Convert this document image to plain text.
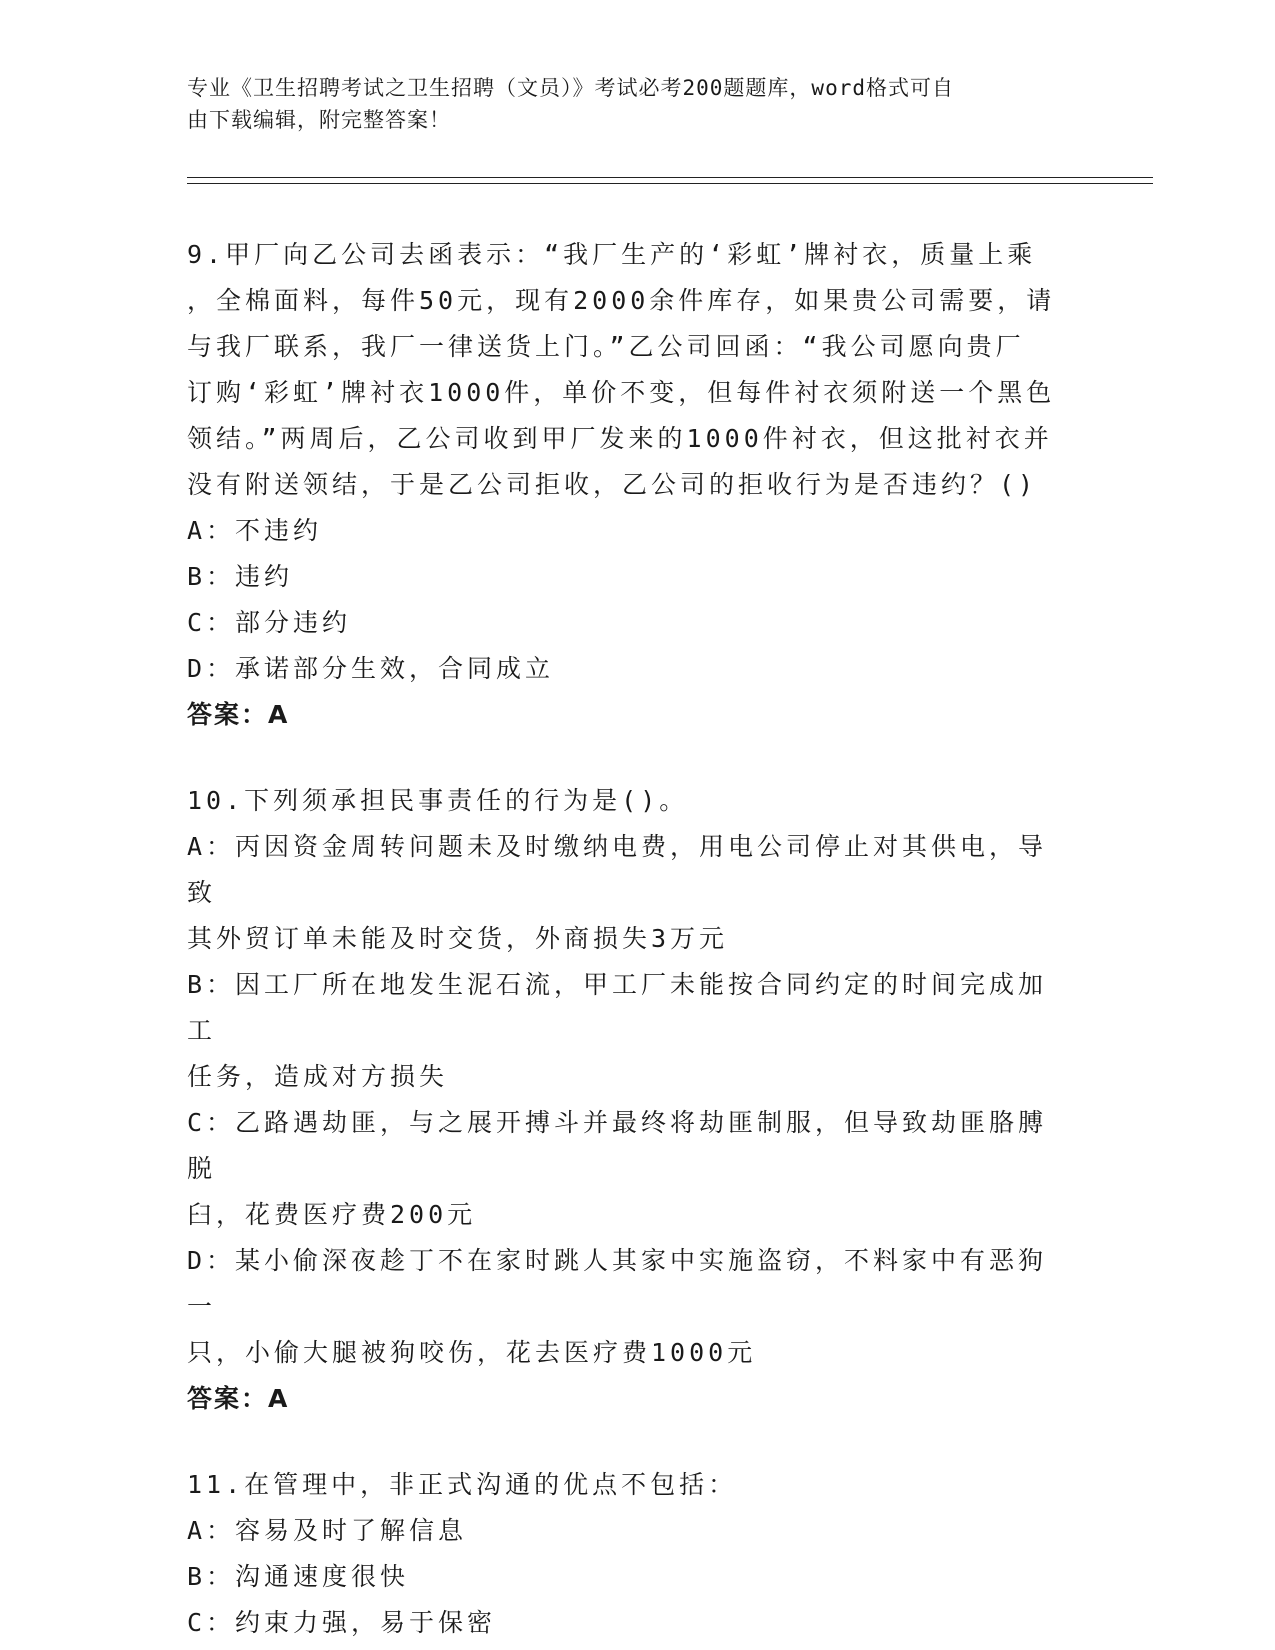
专业《卫生招聘考试之卫生招聘（文员）》考试必考200题题库，word格式可自
由下载编辑，附完整答案！
9.甲厂向乙公司去函表示：“我厂生产的‘彩虹’牌衬衣，质量上乘
，全棉面料，每件50元，现有2000余件库存，如果贵公司需要，请
与我厂联系，我厂一律送货上门。”乙公司回函：“我公司愿向贵厂
订购‘彩虹’牌衬衣1000件，单价不变，但每件衬衣须附送一个黑色
领结。”两周后，乙公司收到甲厂发来的1000件衬衣，但这批衬衣并
没有附送领结，于是乙公司拒收，乙公司的拒收行为是否违约？()
A：不违约
B：违约
C：部分违约
D：承诺部分生效，合同成立
答案：A
10.下列须承担民事责任的行为是()。
A：丙因资金周转问题未及时缴纳电费，用电公司停止对其供电，导致
其外贸订单未能及时交货，外商损失3万元
B：因工厂所在地发生泥石流，甲工厂未能按合同约定的时间完成加工
任务，造成对方损失
C：乙路遇劫匪，与之展开搏斗并最终将劫匪制服，但导致劫匪胳膊脱
臼，花费医疗费200元
D：某小偷深夜趁丁不在家时跳人其家中实施盗窃，不料家中有恶狗一
只，小偷大腿被狗咬伤，花去医疗费1000元
答案：A
11.在管理中，非正式沟通的优点不包括：
A：容易及时了解信息
B：沟通速度很快
C：约束力强，易于保密
